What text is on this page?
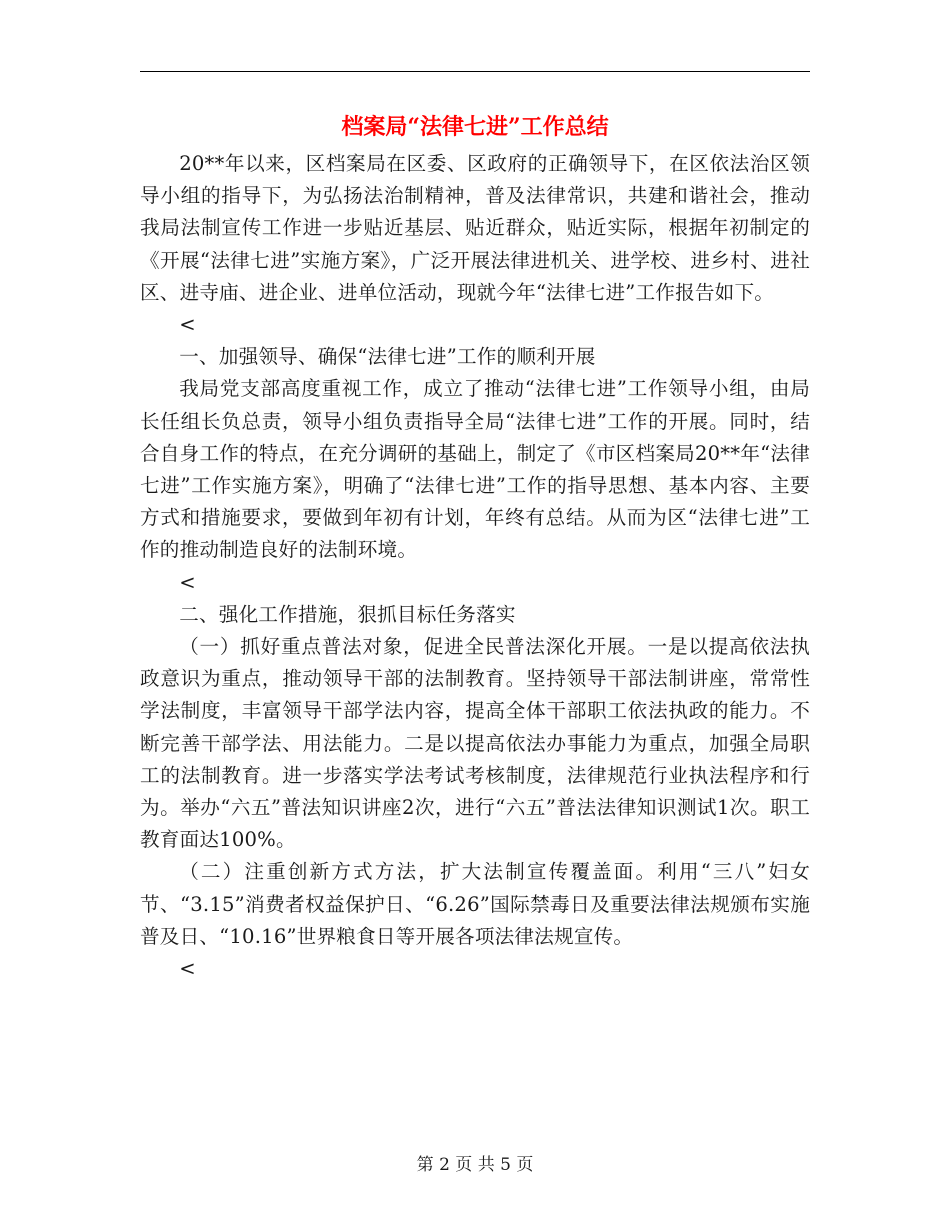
档案局“法律七进”工作总结

20**年以来，区档案局在区委、区政府的正确领导下，在区依法治区领导小组的指导下，为弘扬法治制精神，普及法律常识，共建和谐社会，推动我局法制宣传工作进一步贴近基层、贴近群众，贴近实际，根据年初制定的《开展“法律七进”实施方案》，广泛开展法律进机关、进学校、进乡村、进社区、进寺庙、进企业、进单位活动，现就今年“法律七进”工作报告如下。

<

一、加强领导、确保“法律七进”工作的顺利开展

我局党支部高度重视工作，成立了推动“法律七进”工作领导小组，由局长任组长负总责，领导小组负责指导全局“法律七进”工作的开展。同时，结合自身工作的特点，在充分调研的基础上，制定了《市区档案局20**年“法律七进”工作实施方案》，明确了“法律七进”工作的指导思想、基本内容、主要方式和措施要求，要做到年初有计划，年终有总结。从而为区“法律七进”工作的推动制造良好的法制环境。

<

二、强化工作措施，狠抓目标任务落实

（一）抓好重点普法对象，促进全民普法深化开展。一是以提高依法执政意识为重点，推动领导干部的法制教育。坚持领导干部法制讲座，常常性学法制度，丰富领导干部学法内容，提高全体干部职工依法执政的能力。不断完善干部学法、用法能力。二是以提高依法办事能力为重点，加强全局职工的法制教育。进一步落实学法考试考核制度，法律规范行业执法程序和行为。举办“六五”普法知识讲座2次，进行“六五”普法法律知识测试1次。职工教育面达100%。

（二）注重创新方式方法，扩大法制宣传覆盖面。利用“三八”妇女节、“3.15”消费者权益保护日、“6.26”国际禁毒日及重要法律法规颁布实施普及日、“10.16”世界粮食日等开展各项法律法规宣传。

<

第 2 页 共 5 页
